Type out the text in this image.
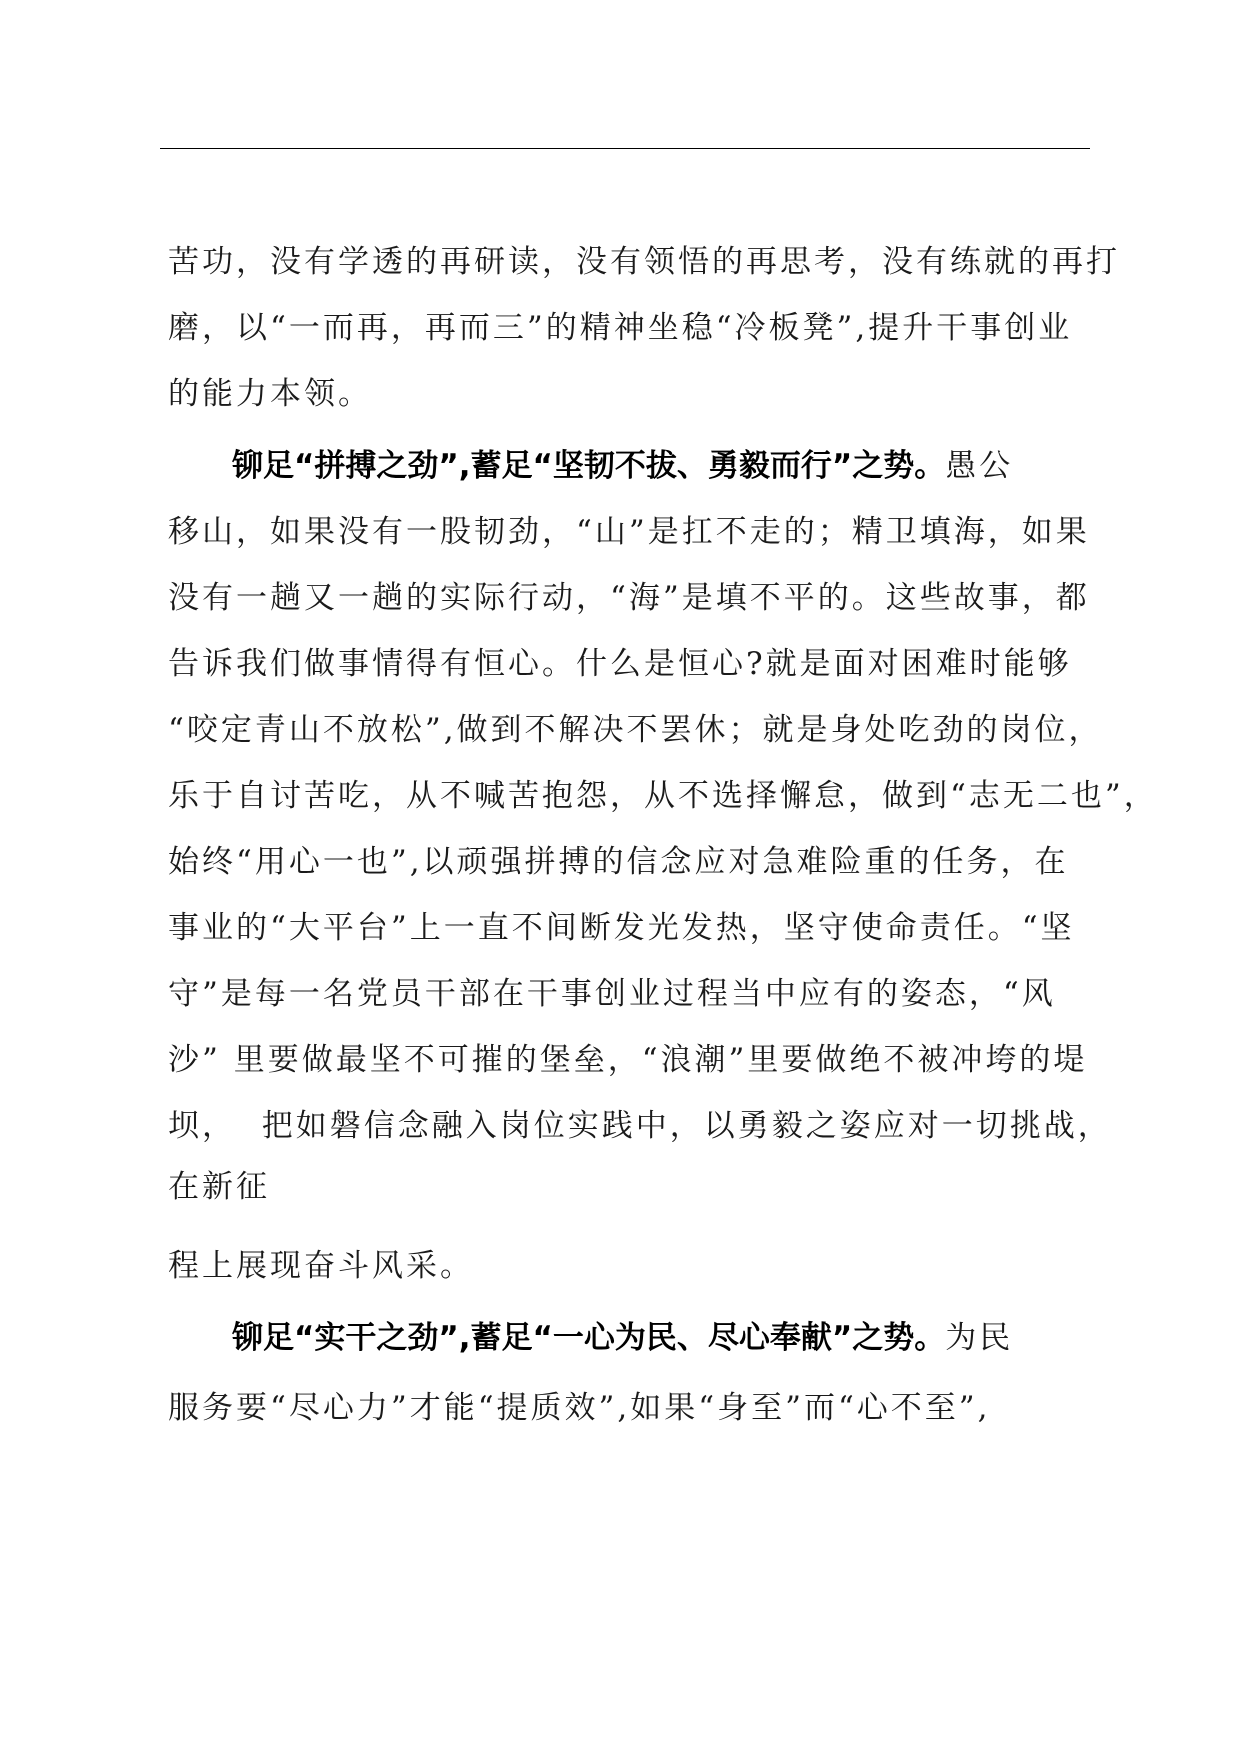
苦功，没有学透的再研读，没有领悟的再思考，没有练就的再打
磨，以“一而再，再而三”的精神坐稳“冷板凳”,提升干事创业
的能力本领。
铆足“拼搏之劲”,蓄足“坚韧不拔、勇毅而行”之势。愚公
移山，如果没有一股韧劲，“山”是扛不走的；精卫填海，如果
没有一趟又一趟的实际行动，“海”是填不平的。这些故事，都
告诉我们做事情得有恒心。什么是恒心?就是面对困难时能够
“咬定青山不放松”,做到不解决不罢休；就是身处吃劲的岗位，
乐于自讨苦吃，从不喊苦抱怨，从不选择懈怠，做到“志无二也”，
始终“用心一也”,以顽强拼搏的信念应对急难险重的任务，在
事业的“大平台”上一直不间断发光发热，坚守使命责任。“坚
守”是每一名党员干部在干事创业过程当中应有的姿态，“风
沙” 里要做最坚不可摧的堡垒，“浪潮”里要做绝不被冲垮的堤
坝，  把如磐信念融入岗位实践中，以勇毅之姿应对一切挑战，
在新征
程上展现奋斗风采。
铆足“实干之劲”,蓄足“一心为民、尽心奉献”之势。为民
服务要“尽心力”才能“提质效”,如果“身至”而“心不至”,
